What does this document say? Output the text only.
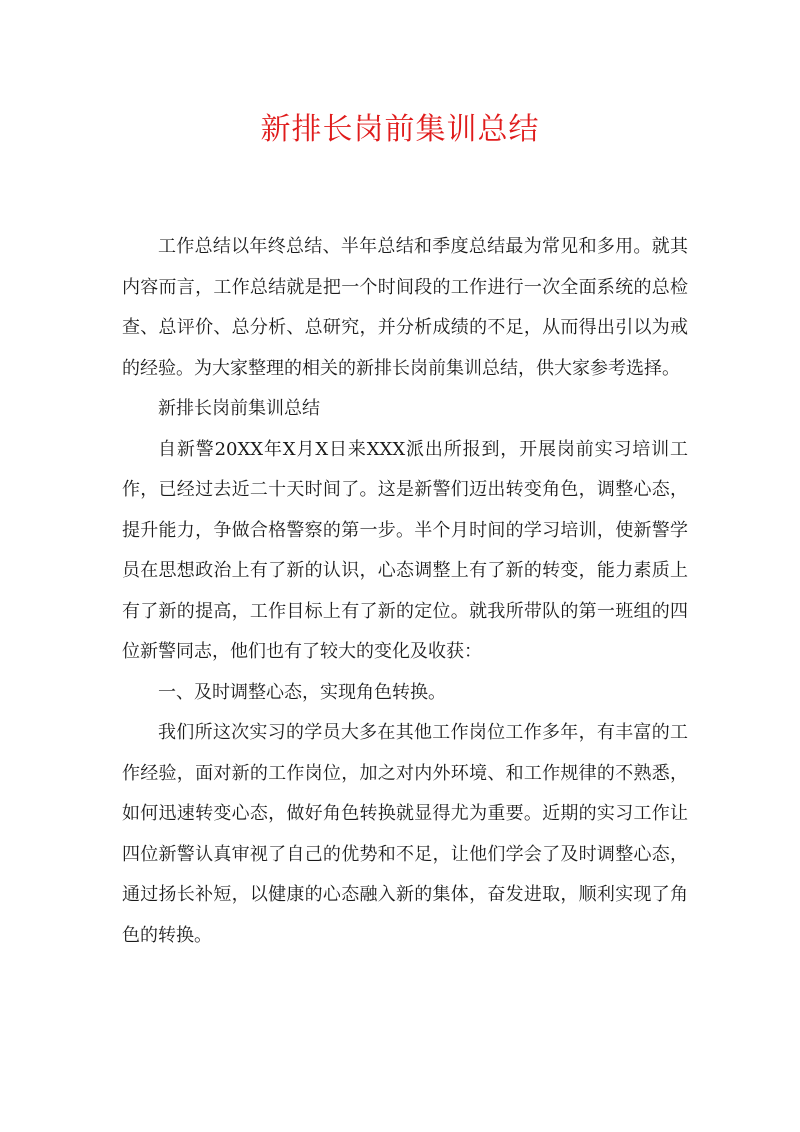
新排长岗前集训总结

工作总结以年终总结、半年总结和季度总结最为常见和多用。就其内容而言，工作总结就是把一个时间段的工作进行一次全面系统的总检查、总评价、总分析、总研究，并分析成绩的不足，从而得出引以为戒的经验。为大家整理的相关的新排长岗前集训总结，供大家参考选择。

新排长岗前集训总结

自新警20XX年X月X日来XXX派出所报到，开展岗前实习培训工作，已经过去近二十天时间了。这是新警们迈出转变角色，调整心态，提升能力，争做合格警察的第一步。半个月时间的学习培训，使新警学员在思想政治上有了新的认识，心态调整上有了新的转变，能力素质上有了新的提高，工作目标上有了新的定位。就我所带队的第一班组的四位新警同志，他们也有了较大的变化及收获：

一、及时调整心态，实现角色转换。

我们所这次实习的学员大多在其他工作岗位工作多年，有丰富的工作经验，面对新的工作岗位，加之对内外环境、和工作规律的不熟悉，如何迅速转变心态，做好角色转换就显得尤为重要。近期的实习工作让四位新警认真审视了自己的优势和不足，让他们学会了及时调整心态，通过扬长补短，以健康的心态融入新的集体，奋发进取，顺利实现了角色的转换。
